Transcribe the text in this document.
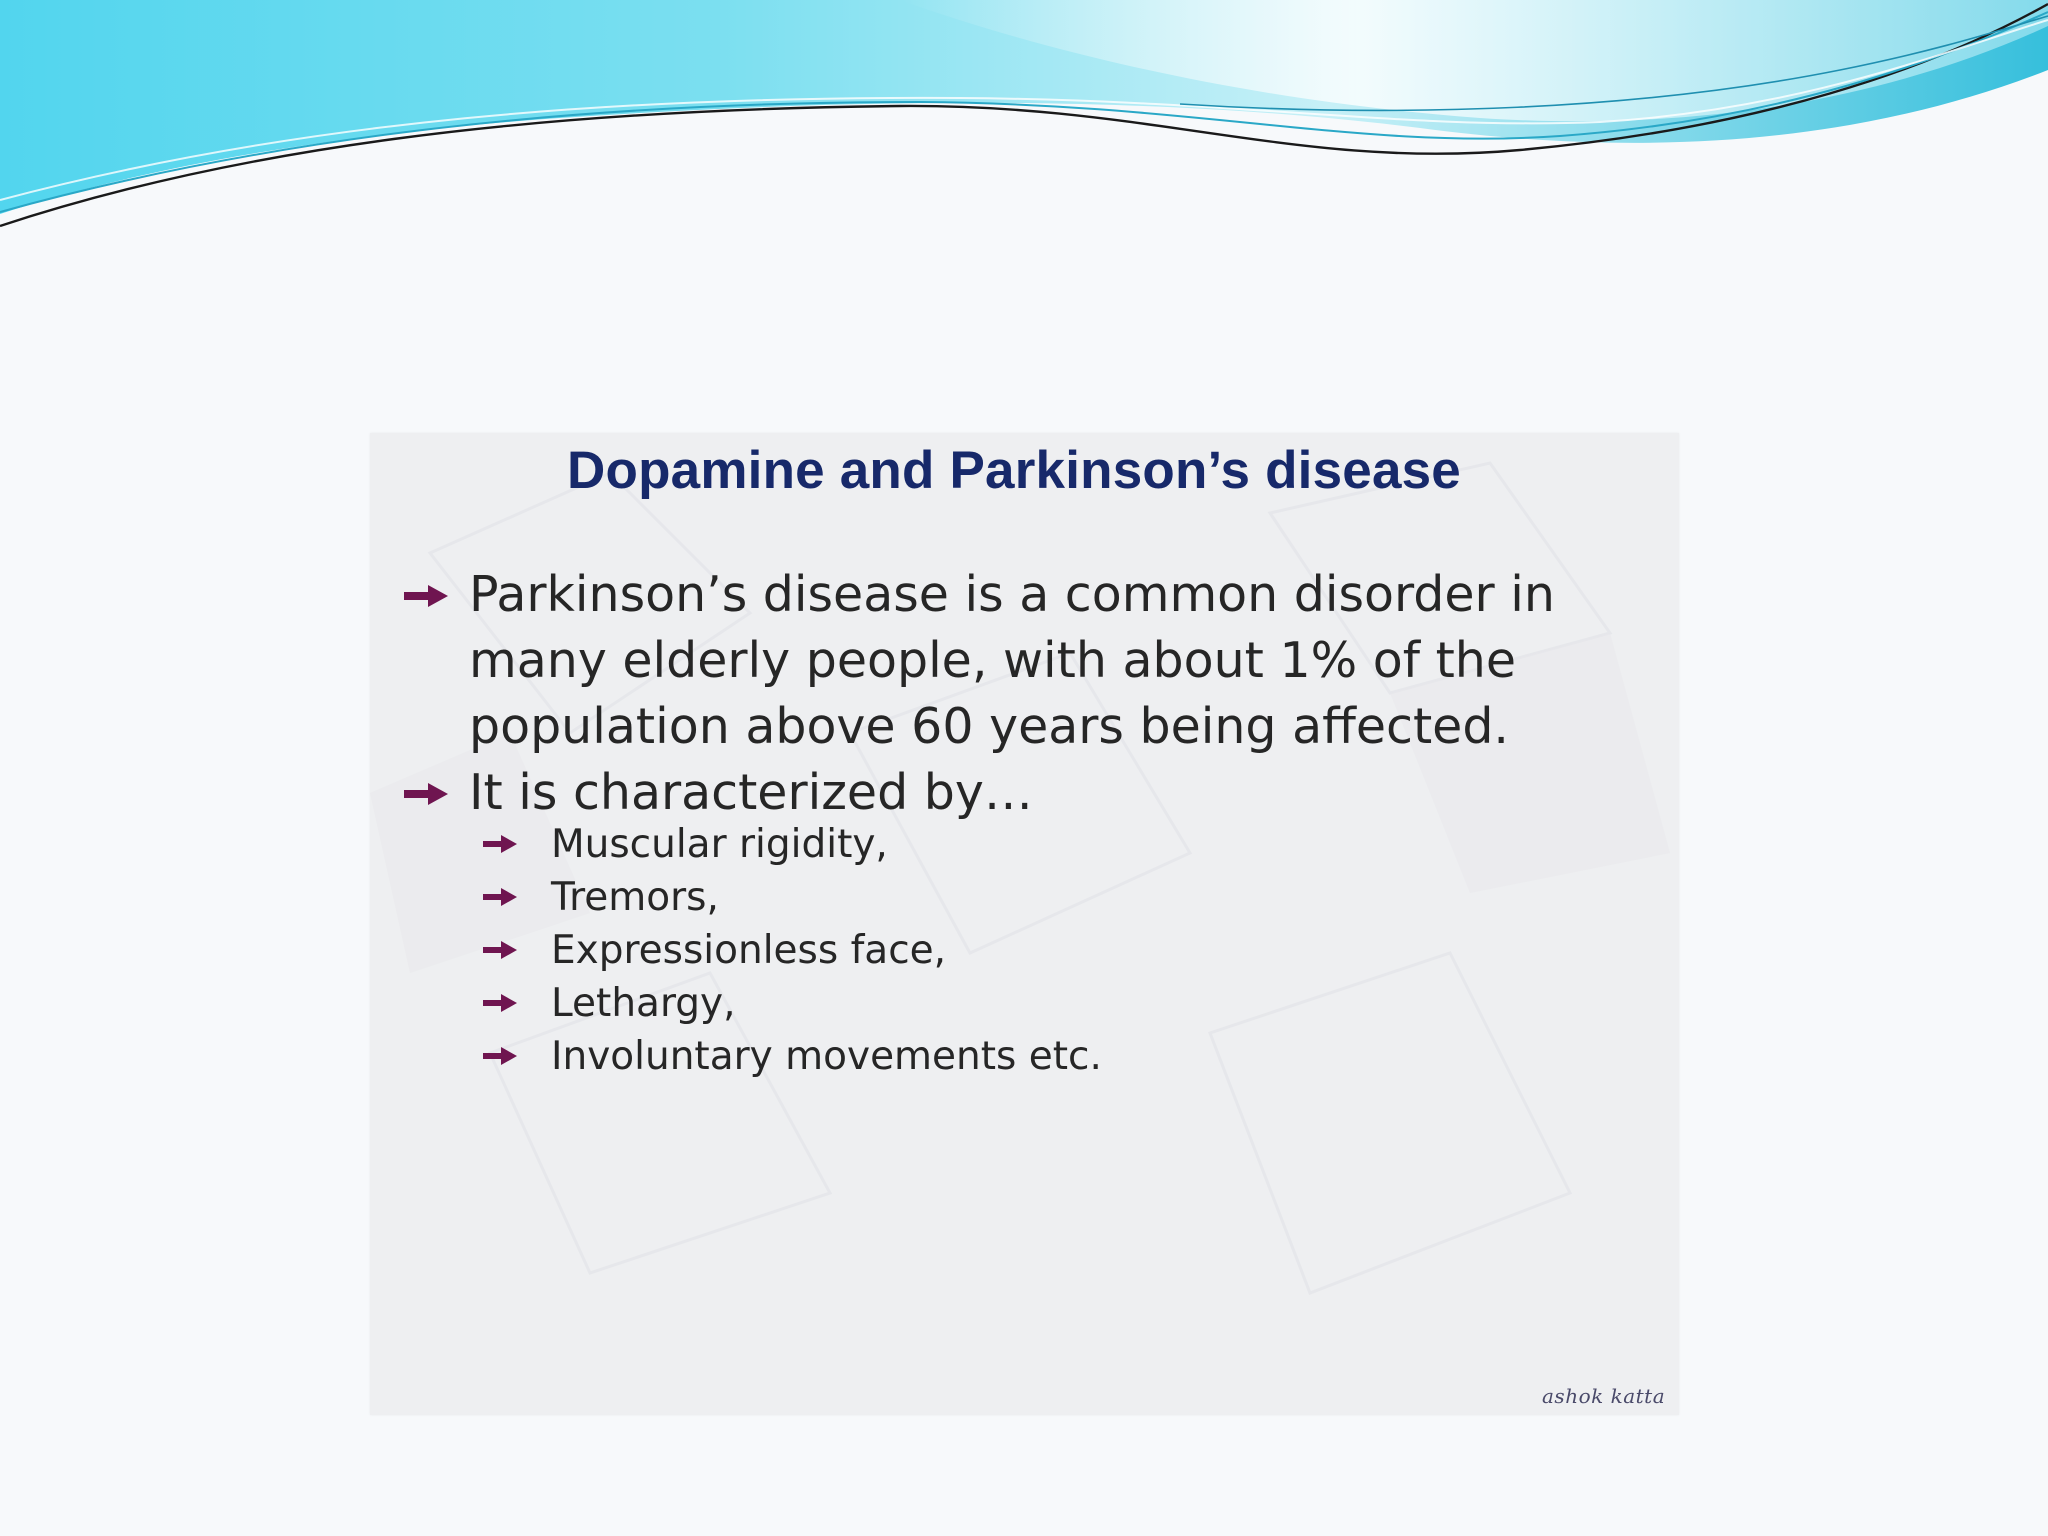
Dopamine and Parkinson’s disease
Parkinson’s disease is a common disorder in many elderly people, with about 1% of the population above 60 years being affected.
It is characterized by…
Muscular rigidity,
Tremors,
Expressionless face,
Lethargy,
Involuntary movements etc.
ashok katta
